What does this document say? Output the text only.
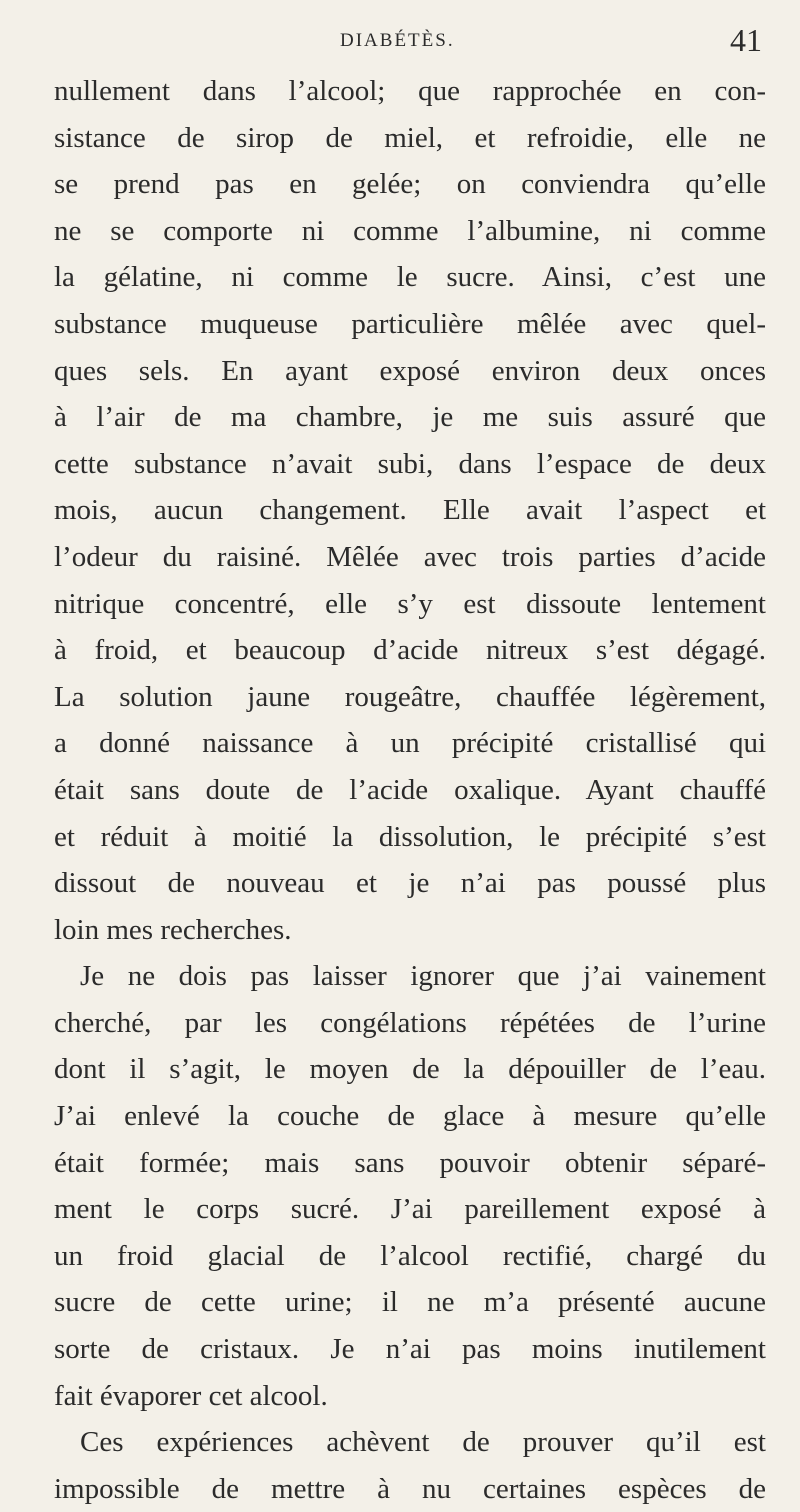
DIABÉTÈS.	41
nullement dans l’alcool; que rapprochée en con-
sistance de sirop de miel, et refroidie, elle ne
se prend pas en gelée; on conviendra qu’elle
ne se comporte ni comme l’albumine, ni comme
la gélatine, ni comme le sucre. Ainsi, c’est une
substance muqueuse particulière mêlée avec quel-
ques sels. En ayant exposé environ deux onces
à l’air de ma chambre, je me suis assuré que
cette substance n’avait subi, dans l’espace de deux
mois, aucun changement. Elle avait l’aspect et
l’odeur du raisiné. Mêlée avec trois parties d’acide
nitrique concentré, elle s’y est dissoute lentement
à froid, et beaucoup d’acide nitreux s’est dégagé.
La solution jaune rougeâtre, chauffée légèrement,
a donné naissance à un précipité cristallisé qui
était sans doute de l’acide oxalique. Ayant chauffé
et réduit à moitié la dissolution, le précipité s’est
dissout de nouveau et je n’ai pas poussé plus
loin mes recherches.
Je ne dois pas laisser ignorer que j’ai vainement
cherché, par les congélations répétées de l’urine
dont il s’agit, le moyen de la dépouiller de l’eau.
J’ai enlevé la couche de glace à mesure qu’elle
était formée; mais sans pouvoir obtenir séparé-
ment le corps sucré. J’ai pareillement exposé à
un froid glacial de l’alcool rectifié, chargé du
sucre de cette urine; il ne m’a présenté aucune
sorte de cristaux. Je n’ai pas moins inutilement
fait évaporer cet alcool.
Ces expériences achèvent de prouver qu’il est
impossible de mettre à nu certaines espèces de
